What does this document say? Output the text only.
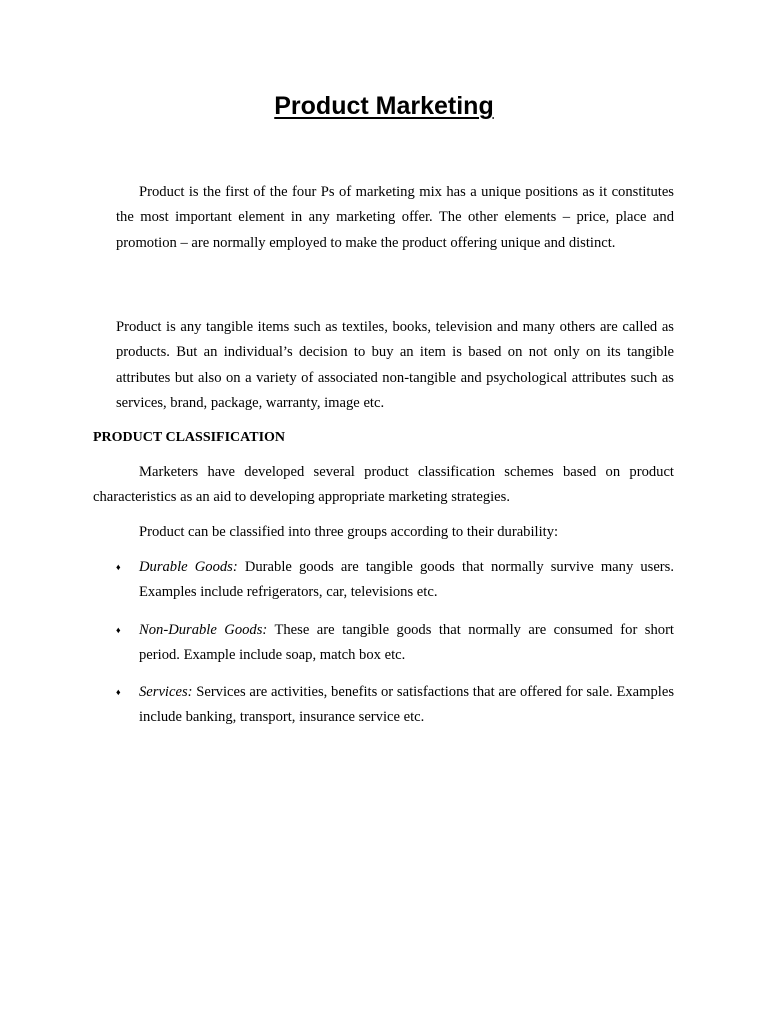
Product Marketing

Product is the first of the four Ps of marketing mix has a unique positions as it constitutes the most important element in any marketing offer. The other elements – price, place and promotion – are normally employed to make the product offering unique and distinct.

Product is any tangible items such as textiles, books, television and many others are called as products. But an individual’s decision to buy an item is based on not only on its tangible attributes but also on a variety of associated non-tangible and psychological attributes such as services, brand, package, warranty, image etc.

PRODUCT CLASSIFICATION

Marketers have developed several product classification schemes based on product characteristics as an aid to developing appropriate marketing strategies.

Product can be classified into three groups according to their durability:

♦	Durable Goods: Durable goods are tangible goods that normally survive many users. Examples include refrigerators, car, televisions etc.
♦	Non-Durable Goods: These are tangible goods that normally are consumed for short period. Example include soap, match box etc.
♦	Services: Services are activities, benefits or satisfactions that are offered for sale. Examples include banking, transport, insurance service etc.
